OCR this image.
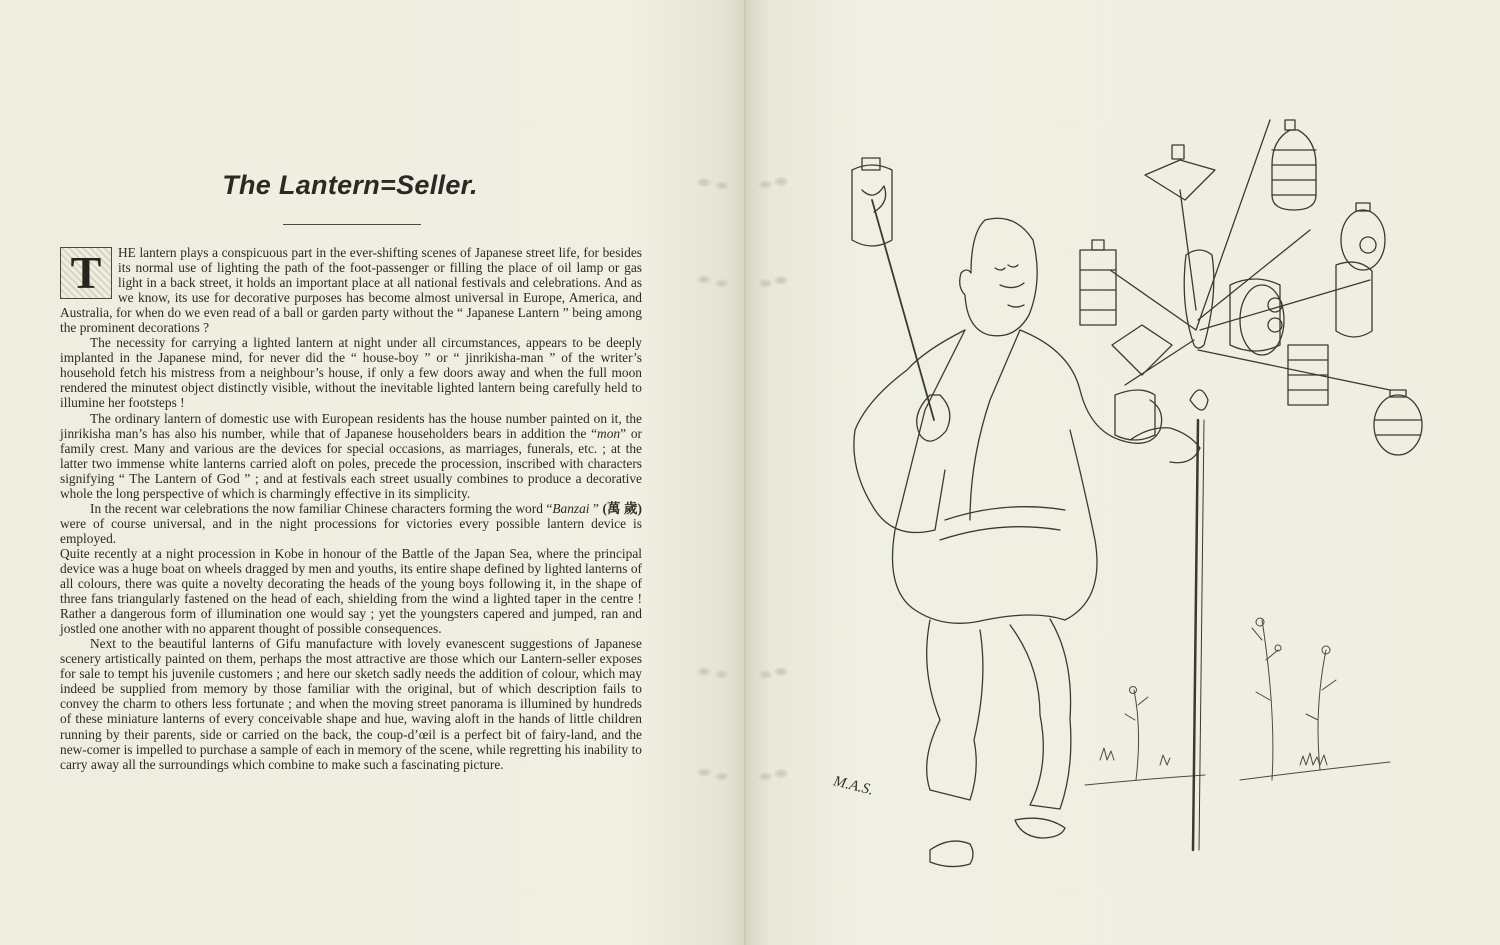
The Lantern=Seller.

T	HE lantern plays a conspicuous part in the ever-shifting scenes of Japanese street life, for besides its normal use of lighting the path of the foot-passenger or filling the place of oil lamp or gas light in a back street, it holds an important place at all national festivals and celebrations. And as we know, its use for decorative purposes has become almost universal in Europe, America, and Australia, for when do we even read of a ball or garden party without the “ Japanese Lantern ” being among the prominent decorations ?

The necessity for carrying a lighted lantern at night under all circumstances, appears to be deeply implanted in the Japanese mind, for never did the “ house-boy ” or “ jinrikisha-man ” of the writer’s household fetch his mistress from a neighbour’s house, if only a few doors away and when the full moon rendered the minutest object distinctly visible, without the inevitable lighted lantern being carefully held to illumine her footsteps !

The ordinary lantern of domestic use with European residents has the house number painted on it, the jinrikisha man’s has also his number, while that of Japanese householders bears in addition the “mon” or family crest. Many and various are the devices for special occasions, as marriages, funerals, etc. ; at the latter two immense white lanterns carried aloft on poles, precede the procession, inscribed with characters signifying “ The Lantern of God ” ; and at festivals each street usually combines to produce a decorative whole the long perspective of which is charmingly effective in its simplicity.

In the recent war celebrations the now familiar Chinese characters forming the word “Banzai ” (萬 歲) were of course universal, and in the night processions for victories every possible lantern device is employed.

Quite recently at a night procession in Kobe in honour of the Battle of the Japan Sea, where the principal device was a huge boat on wheels dragged by men and youths, its entire shape defined by lighted lanterns of all colours, there was quite a novelty decorating the heads of the young boys following it, in the shape of three fans triangularly fastened on the head of each, shielding from the wind a lighted taper in the centre ! Rather a dangerous form of illumination one would say ; yet the youngsters capered and jumped, ran and jostled one another with no apparent thought of possible consequences.

Next to the beautiful lanterns of Gifu manufacture with lovely evanescent suggestions of Japanese scenery artistically painted on them, perhaps the most attractive are those which our Lantern-seller exposes for sale to tempt his juvenile customers ; and here our sketch sadly needs the addition of colour, which may indeed be supplied from memory by those familiar with the original, but of which description fails to convey the charm to others less fortunate ; and when the moving street panorama is illumined by hundreds of these miniature lanterns of every conceivable shape and hue, waving aloft in the hands of little children running by their parents, side or carried on the back, the coup-d’œil is a perfect bit of fairy-land, and the new-comer is impelled to purchase a sample of each in memory of the scene, while regretting his inability to carry away all the surroundings which combine to make such a fascinating picture.

M.A.S.
